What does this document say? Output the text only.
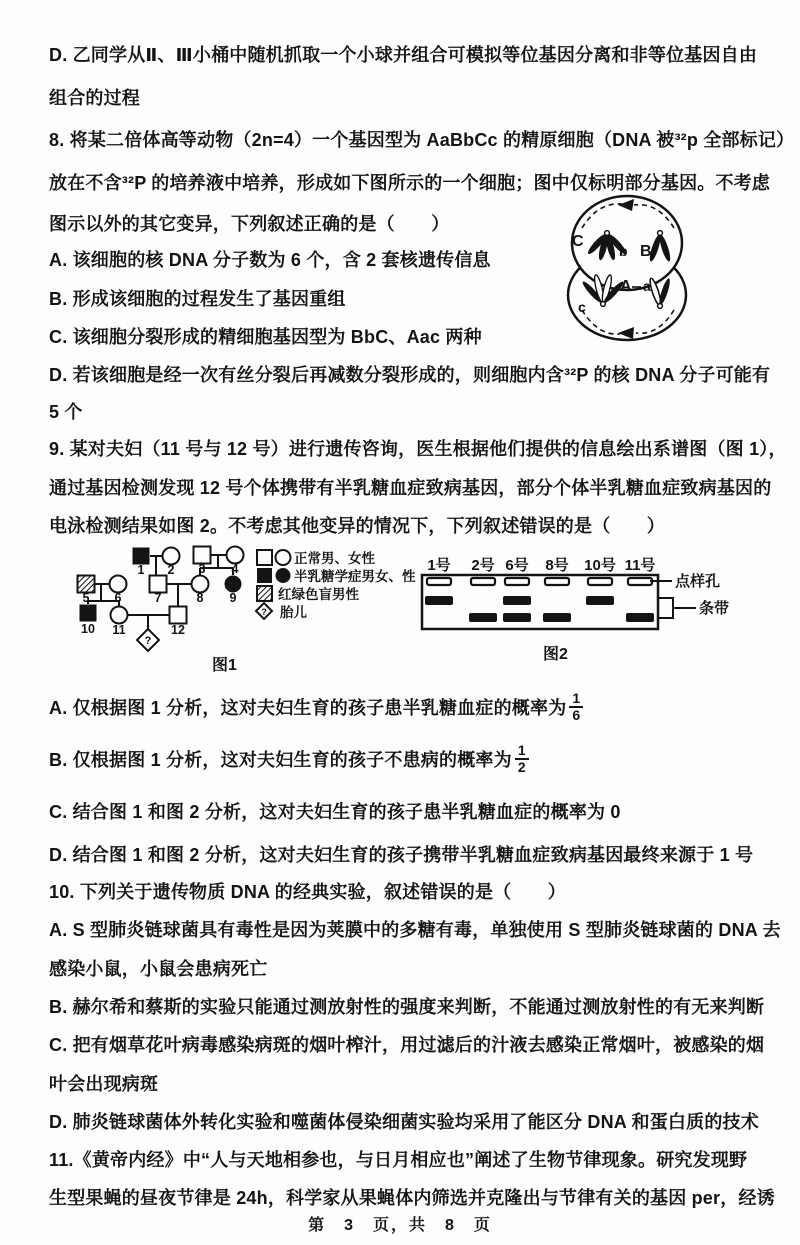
D. 乙同学从Ⅱ、Ⅲ小桶中随机抓取一个小球并组合可模拟等位基因分离和非等位基因自由
组合的过程
8. 将某二倍体高等动物（2n=4）一个基因型为 AaBbCc 的精原细胞（DNA 被³²p 全部标记）
放在不含³²P 的培养液中培养，形成如下图所示的一个细胞；图中仅标明部分基因。不考虑
图示以外的其它变异，下列叙述正确的是（　　）
A. 该细胞的核 DNA 分子数为 6 个，含 2 套核遗传信息
B. 形成该细胞的过程发生了基因重组
C. 该细胞分裂形成的精细胞基因型为 BbC、Aac 两种
D. 若该细胞是经一次有丝分裂后再减数分裂形成的，则细胞内含³²P 的核 DNA 分子可能有
5 个
9. 某对夫妇（11 号与 12 号）进行遗传咨询，医生根据他们提供的信息绘出系谱图（图 1），
通过基因检测发现 12 号个体携带有半乳糖血症致病基因，部分个体半乳糖血症致病基因的
电泳检测结果如图 2。不考虑其他变异的情况下，下列叙述错误的是（　　）
A. 仅根据图 1 分析，这对夫妇生育的孩子患半乳糖血症的概率为 $\frac{1}{6}$
B. 仅根据图 1 分析，这对夫妇生育的孩子不患病的概率为 $\frac{1}{2}$
C. 结合图 1 和图 2 分析，这对夫妇生育的孩子患半乳糖血症的概率为 0
D. 结合图 1 和图 2 分析，这对夫妇生育的孩子携带半乳糖血症致病基因最终来源于 1 号
10. 下列关于遗传物质 DNA 的经典实验，叙述错误的是（　　）
A. S 型肺炎链球菌具有毒性是因为荚膜中的多糖有毒，单独使用 S 型肺炎链球菌的 DNA 去
感染小鼠，小鼠会患病死亡
B. 赫尔希和蔡斯的实验只能通过测放射性的强度来判断，不能通过测放射性的有无来判断
C. 把有烟草花叶病毒感染病斑的烟叶榨汁，用过滤后的汁液去感染正常烟叶，被感染的烟
叶会出现病斑
D. 肺炎链球菌体外转化实验和噬菌体侵染细菌实验均采用了能区分 DNA 和蛋白质的技术
11.《黄帝内经》中“人与天地相参也，与日月相应也”阐述了生物节律现象。研究发现野
生型果蝇的昼夜节律是 24h，科学家从果蝇体内筛选并克隆出与节律有关的基因 per，经诱
C
b B
c
A a
?
1 2 3 4
5 6	7	8 9
10 11	12
正常男、女性
半乳糖学症男女、性
红绿色盲男性
? 胎儿
图1
1号 2号 6号 8号 10号 11号
点样孔
条带
图2
第　3　页，共　8　页
